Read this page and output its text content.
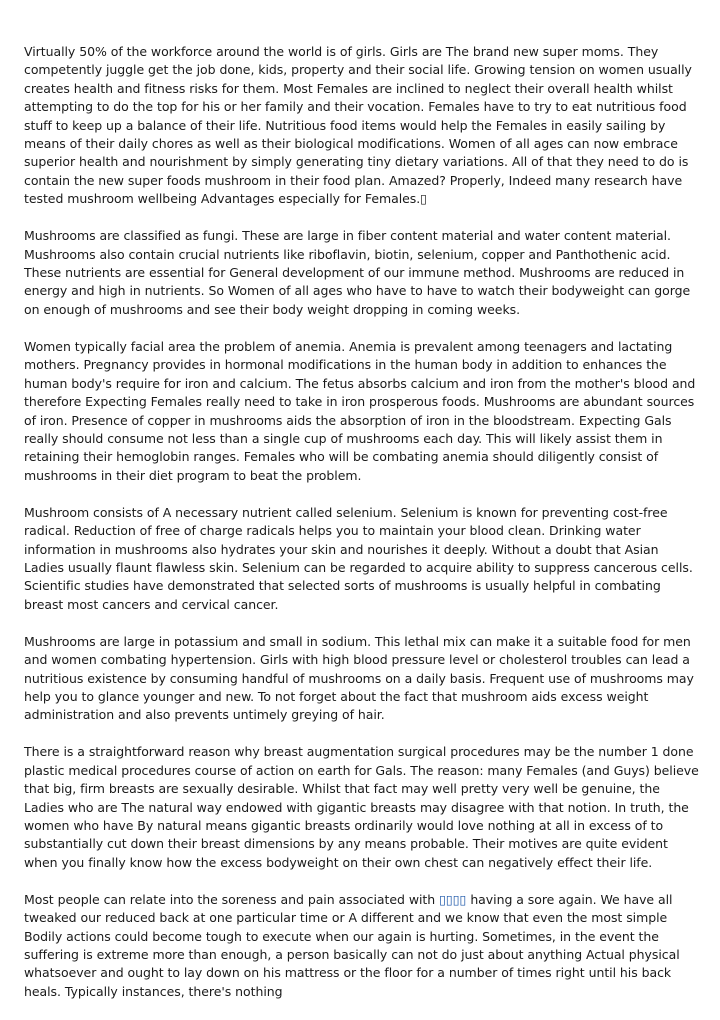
Virtually 50% of the workforce around the world is of girls. Girls are The brand new super moms. They competently juggle get the job done, kids, property and their social life. Growing tension on women usually creates health and fitness risks for them. Most Females are inclined to neglect their overall health whilst attempting to do the top for his or her family and their vocation. Females have to try to eat nutritious food stuff to keep up a balance of their life. Nutritious food items would help the Females in easily sailing by means of their daily chores as well as their biological modifications. Women of all ages can now embrace superior health and nourishment by simply generating tiny dietary variations. All of that they need to do is contain the new super foods mushroom in their food plan. Amazed? Properly, Indeed many research have tested mushroom wellbeing Advantages especially for Females.▯

Mushrooms are classified as fungi. These are large in fiber content material and water content material. Mushrooms also contain crucial nutrients like riboflavin, biotin, selenium, copper and Panthothenic acid. These nutrients are essential for General development of our immune method. Mushrooms are reduced in energy and high in nutrients. So Women of all ages who have to have to watch their bodyweight can gorge on enough of mushrooms and see their body weight dropping in coming weeks.

Women typically facial area the problem of anemia. Anemia is prevalent among teenagers and lactating mothers. Pregnancy provides in hormonal modifications in the human body in addition to enhances the human body's require for iron and calcium. The fetus absorbs calcium and iron from the mother's blood and therefore Expecting Females really need to take in iron prosperous foods. Mushrooms are abundant sources of iron. Presence of copper in mushrooms aids the absorption of iron in the bloodstream. Expecting Gals really should consume not less than a single cup of mushrooms each day. This will likely assist them in retaining their hemoglobin ranges. Females who will be combating anemia should diligently consist of mushrooms in their diet program to beat the problem.

Mushroom consists of A necessary nutrient called selenium. Selenium is known for preventing cost-free radical. Reduction of free of charge radicals helps you to maintain your blood clean. Drinking water information in mushrooms also hydrates your skin and nourishes it deeply. Without a doubt that Asian Ladies usually flaunt flawless skin. Selenium can be regarded to acquire ability to suppress cancerous cells. Scientific studies have demonstrated that selected sorts of mushrooms is usually helpful in combating breast most cancers and cervical cancer.

Mushrooms are large in potassium and small in sodium. This lethal mix can make it a suitable food for men and women combating hypertension. Girls with high blood pressure level or cholesterol troubles can lead a nutritious existence by consuming handful of mushrooms on a daily basis. Frequent use of mushrooms may help you to glance younger and new. To not forget about the fact that mushroom aids excess weight administration and also prevents untimely greying of hair.

There is a straightforward reason why breast augmentation surgical procedures may be the number 1 done plastic medical procedures course of action on earth for Gals. The reason: many Females (and Guys) believe that big, firm breasts are sexually desirable. Whilst that fact may well pretty very well be genuine, the Ladies who are The natural way endowed with gigantic breasts may disagree with that notion. In truth, the women who have By natural means gigantic breasts ordinarily would love nothing at all in excess of to substantially cut down their breast dimensions by any means probable. Their motives are quite evident when you finally know how the excess bodyweight on their own chest can negatively effect their life.

Most people can relate into the soreness and pain associated with ▯▯▯▯ having a sore again. We have all tweaked our reduced back at one particular time or A different and we know that even the most simple Bodily actions could become tough to execute when our again is hurting. Sometimes, in the event the suffering is extreme more than enough, a person basically can not do just about anything Actual physical whatsoever and ought to lay down on his mattress or the floor for a number of times right until his back heals. Typically instances, there's nothing
